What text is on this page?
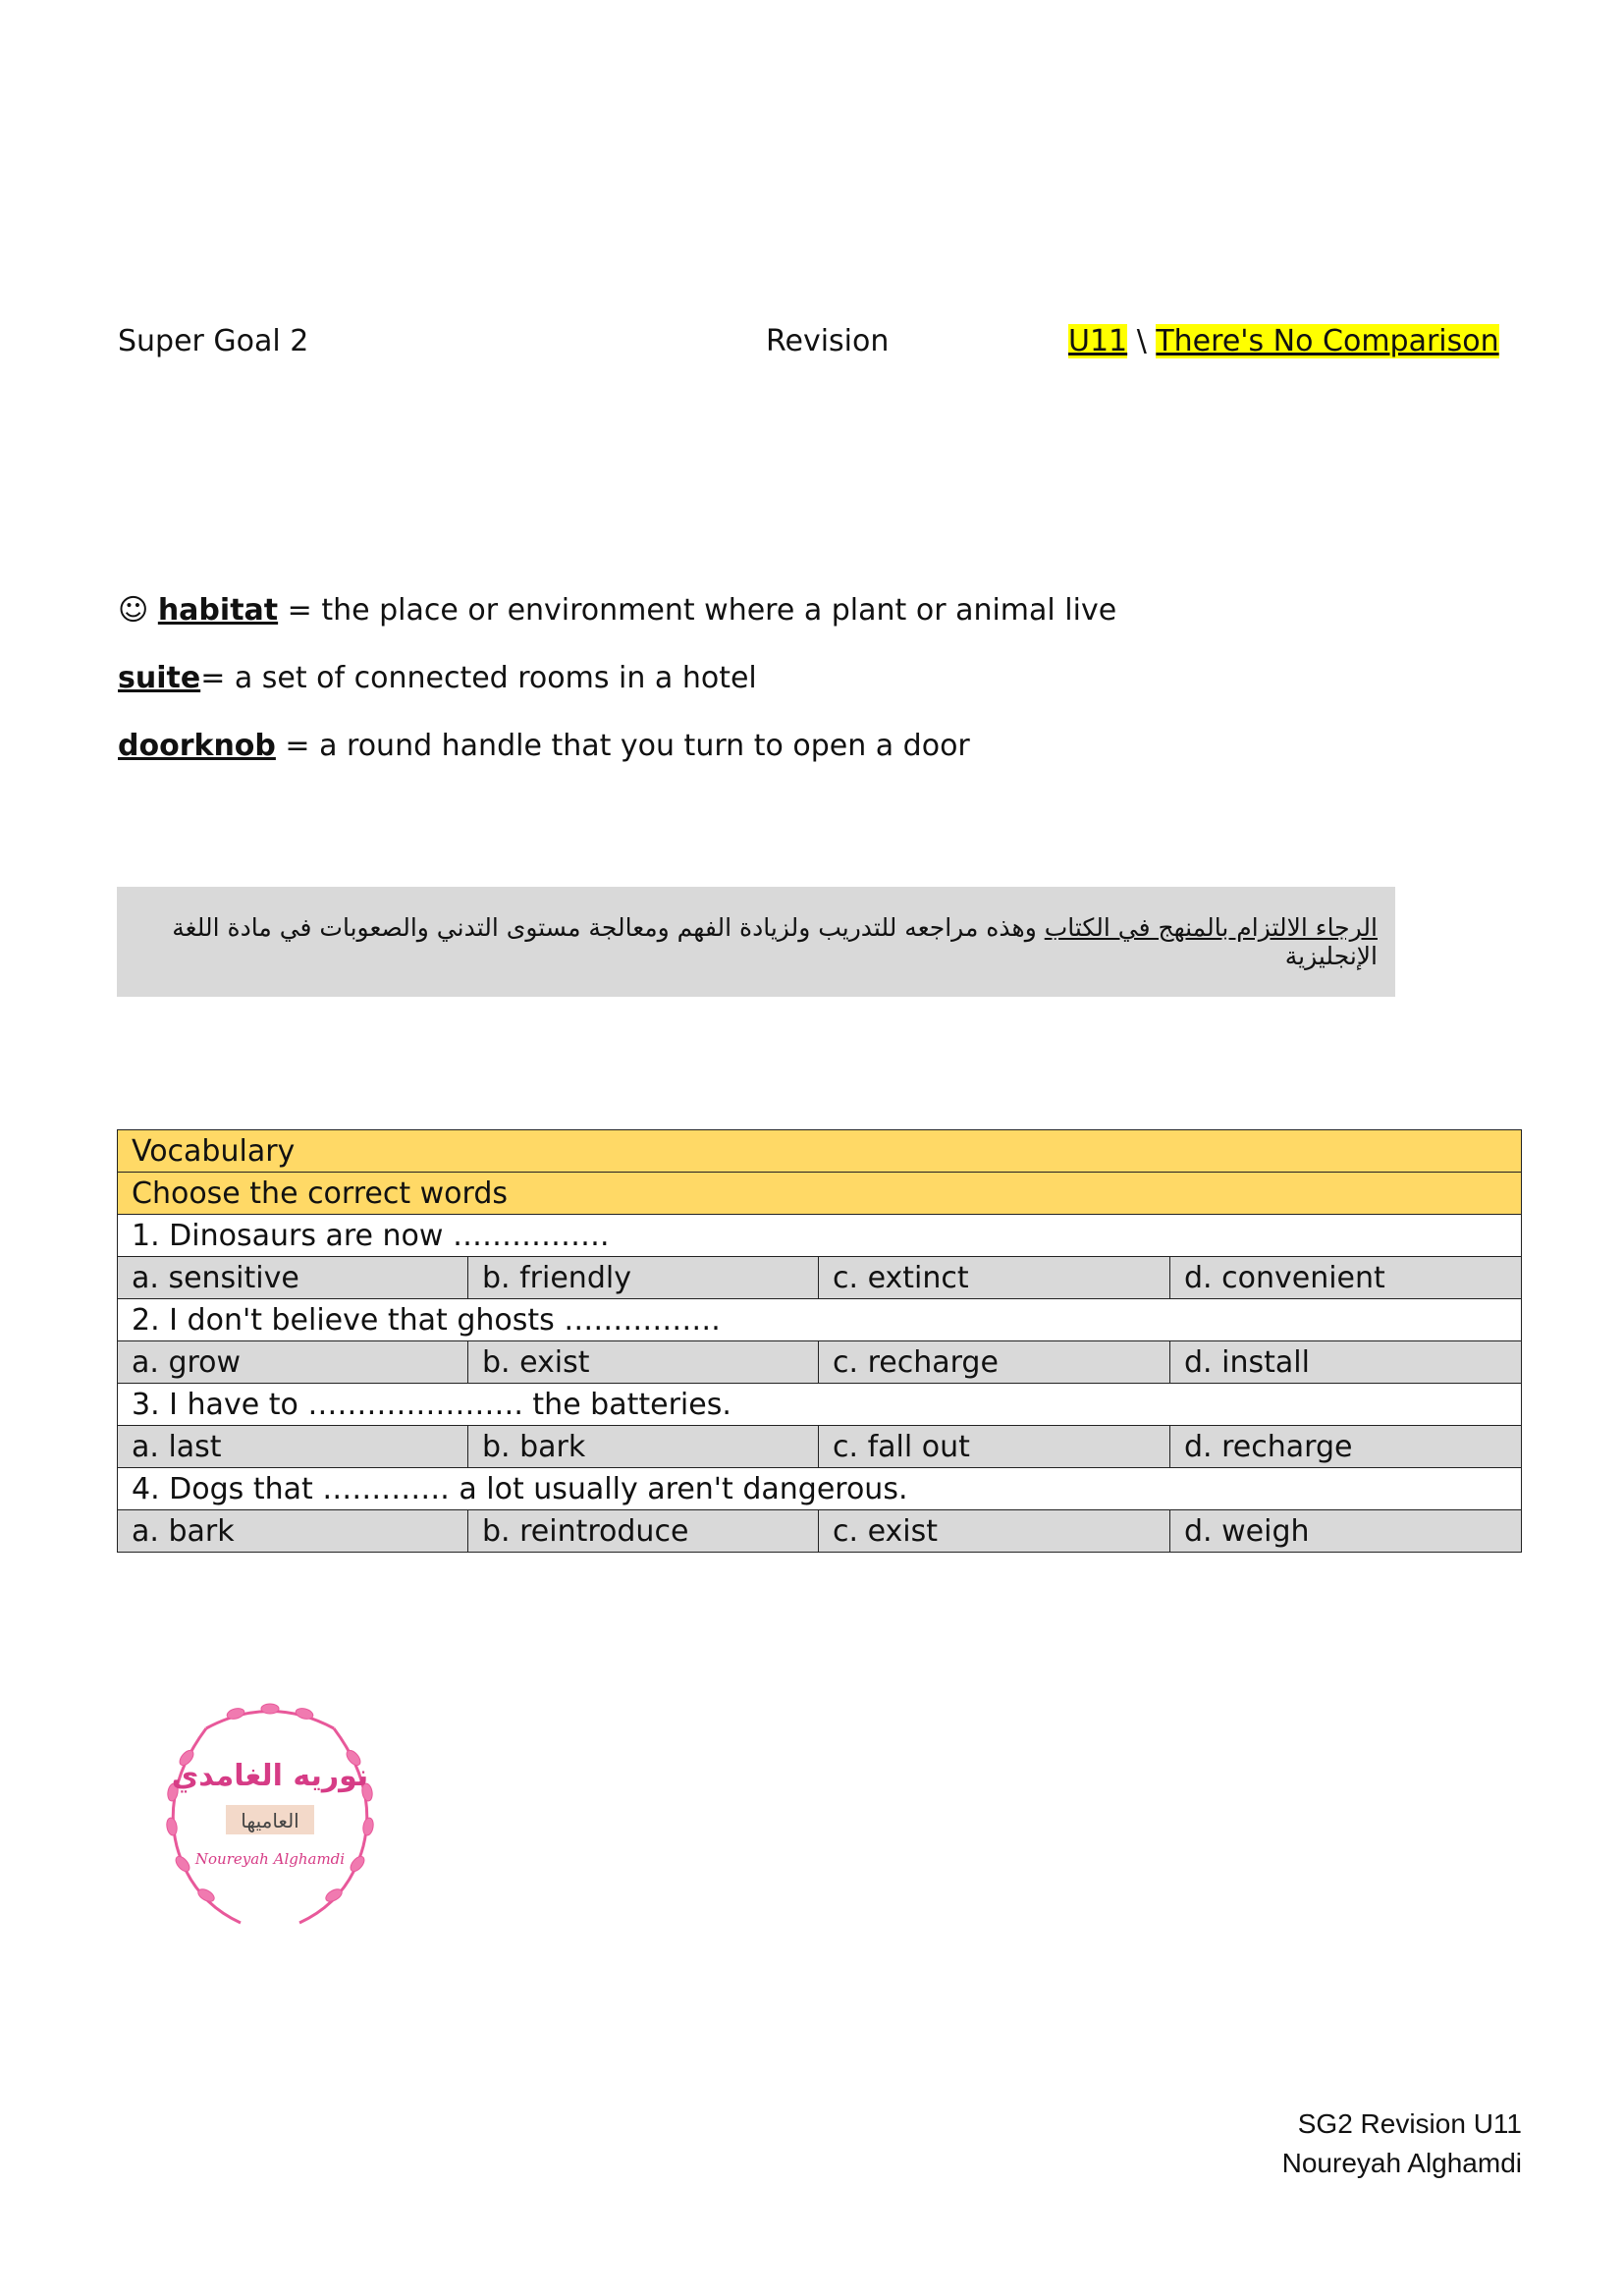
Super Goal 2	Revision	U11 \ There's No Comparison
☺ habitat = the place or environment where a plant or animal live
suite= a set of connected rooms in a hotel
doorknob = a round handle that you turn to open a door
الرجاء الالتزام بالمنهج في الكتاب وهذه مراجعه للتدريب ولزيادة الفهم ومعالجة مستوى التدني والصعوبات في مادة اللغة الإنجليزية
Vocabulary			
Choose the correct words			
1. Dinosaurs are now …………….			
a. sensitive	b. friendly	c. extinct	d. convenient
2. I don't believe that ghosts …………….			
a. grow	b. exist	c. recharge	d. install
3. I have to …………………. the batteries.			
a. last	b. bark	c. fall out	d. recharge
4. Dogs that …………. a lot usually aren't dangerous.			
a. bark	b. reintroduce	c. exist	d. weigh
نوريه الغامدي
العاميها
Noureyah Alghamdi
SG2 Revision U11
Noureyah Alghamdi
